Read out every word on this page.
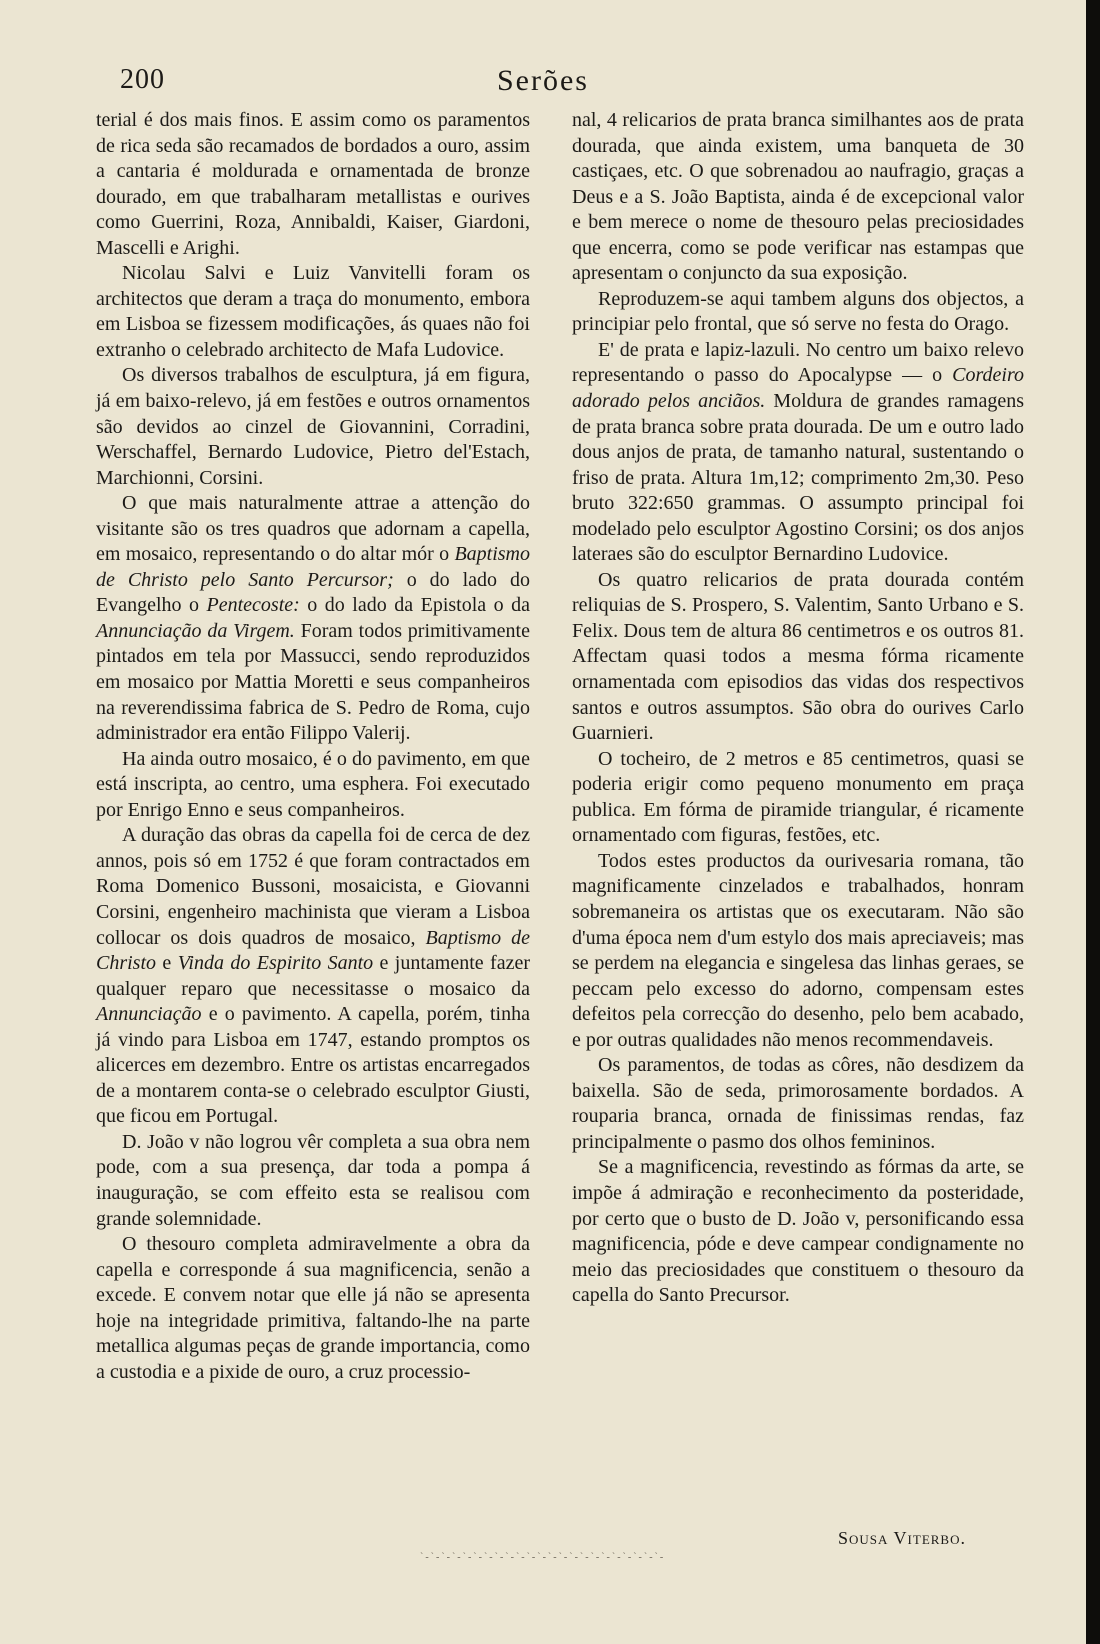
200	Serões

terial é dos mais finos. E assim como os paramentos de rica seda são recamados de bordados a ouro, assim a cantaria é moldurada e ornamentada de bronze dourado, em que trabalharam metallistas e ourives como Guerrini, Roza, Annibaldi, Kaiser, Giardoni, Mascelli e Arighi.

Nicolau Salvi e Luiz Vanvitelli foram os architectos que deram a traça do monumento, embora em Lisboa se fizessem modificações, ás quaes não foi extranho o celebrado architecto de Mafa Ludovice.

Os diversos trabalhos de esculptura, já em figura, já em baixo-relevo, já em festões e outros ornamentos são devidos ao cinzel de Giovannini, Corradini, Werschaffel, Bernardo Ludovice, Pietro del'Estach, Marchionni, Corsini.

O que mais naturalmente attrae a attenção do visitante são os tres quadros que adornam a capella, em mosaico, representando o do altar mór o Baptismo de Christo pelo Santo Percursor; o do lado do Evangelho o Pentecoste: o do lado da Epistola o da Annunciação da Virgem. Foram todos primitivamente pintados em tela por Massucci, sendo reproduzidos em mosaico por Mattia Moretti e seus companheiros na reverendissima fabrica de S. Pedro de Roma, cujo administrador era então Filippo Valerij.

Ha ainda outro mosaico, é o do pavimento, em que está inscripta, ao centro, uma esphera. Foi executado por Enrigo Enno e seus companheiros.

A duração das obras da capella foi de cerca de dez annos, pois só em 1752 é que foram contractados em Roma Domenico Bussoni, mosaicista, e Giovanni Corsini, engenheiro machinista que vieram a Lisboa collocar os dois quadros de mosaico, Baptismo de Christo e Vinda do Espirito Santo e juntamente fazer qualquer reparo que necessitasse o mosaico da Annunciação e o pavimento. A capella, porém, tinha já vindo para Lisboa em 1747, estando promptos os alicerces em dezembro. Entre os artistas encarregados de a montarem conta-se o celebrado esculptor Giusti, que ficou em Portugal.

D. João v não logrou vêr completa a sua obra nem pode, com a sua presença, dar toda a pompa á inauguração, se com effeito esta se realisou com grande solemnidade.

O thesouro completa admiravelmente a obra da capella e corresponde á sua magnificencia, senão a excede. E convem notar que elle já não se apresenta hoje na integridade primitiva, faltando-lhe na parte metallica algumas peças de grande importancia, como a custodia e a pixide de ouro, a cruz processio-

nal, 4 relicarios de prata branca similhantes aos de prata dourada, que ainda existem, uma banqueta de 30 castiçaes, etc. O que sobrenadou ao naufragio, graças a Deus e a S. João Baptista, ainda é de excepcional valor e bem merece o nome de thesouro pelas preciosidades que encerra, como se pode verificar nas estampas que apresentam o conjuncto da sua exposição.

Reproduzem-se aqui tambem alguns dos objectos, a principiar pelo frontal, que só serve no festa do Orago.

E' de prata e lapiz-lazuli. No centro um baixo relevo representando o passo do Apocalypse — o Cordeiro adorado pelos anciãos. Moldura de grandes ramagens de prata branca sobre prata dourada. De um e outro lado dous anjos de prata, de tamanho natural, sustentando o friso de prata. Altura 1m,12; comprimento 2m,30. Peso bruto 322:650 grammas. O assumpto principal foi modelado pelo esculptor Agostino Corsini; os dos anjos lateraes são do esculptor Bernardino Ludovice.

Os quatro relicarios de prata dourada contém reliquias de S. Prospero, S. Valentim, Santo Urbano e S. Felix. Dous tem de altura 86 centimetros e os outros 81. Affectam quasi todos a mesma fórma ricamente ornamentada com episodios das vidas dos respectivos santos e outros assumptos. São obra do ourives Carlo Guarnieri.

O tocheiro, de 2 metros e 85 centimetros, quasi se poderia erigir como pequeno monumento em praça publica. Em fórma de piramide triangular, é ricamente ornamentado com figuras, festões, etc.

Todos estes productos da ourivesaria romana, tão magnificamente cinzelados e trabalhados, honram sobremaneira os artistas que os executaram. Não são d'uma época nem d'um estylo dos mais apreciaveis; mas se perdem na elegancia e singelesa das linhas geraes, se peccam pelo excesso do adorno, compensam estes defeitos pela correcção do desenho, pelo bem acabado, e por outras qualidades não menos recommendaveis.

Os paramentos, de todas as côres, não desdizem da baixella. São de seda, primorosamente bordados. A rouparia branca, ornada de finissimas rendas, faz principalmente o pasmo dos olhos femininos.

Se a magnificencia, revestindo as fórmas da arte, se impõe á admiração e reconhecimento da posteridade, por certo que o busto de D. João v, personificando essa magnificencia, póde e deve campear condignamente no meio das preciosidades que constituem o thesouro da capella do Santo Precursor.

Sousa Viterbo.
`-`-`-`-`-`-`-`-`-`-`-`-`-`-`-`-`-`-`-`-`-`-`-
